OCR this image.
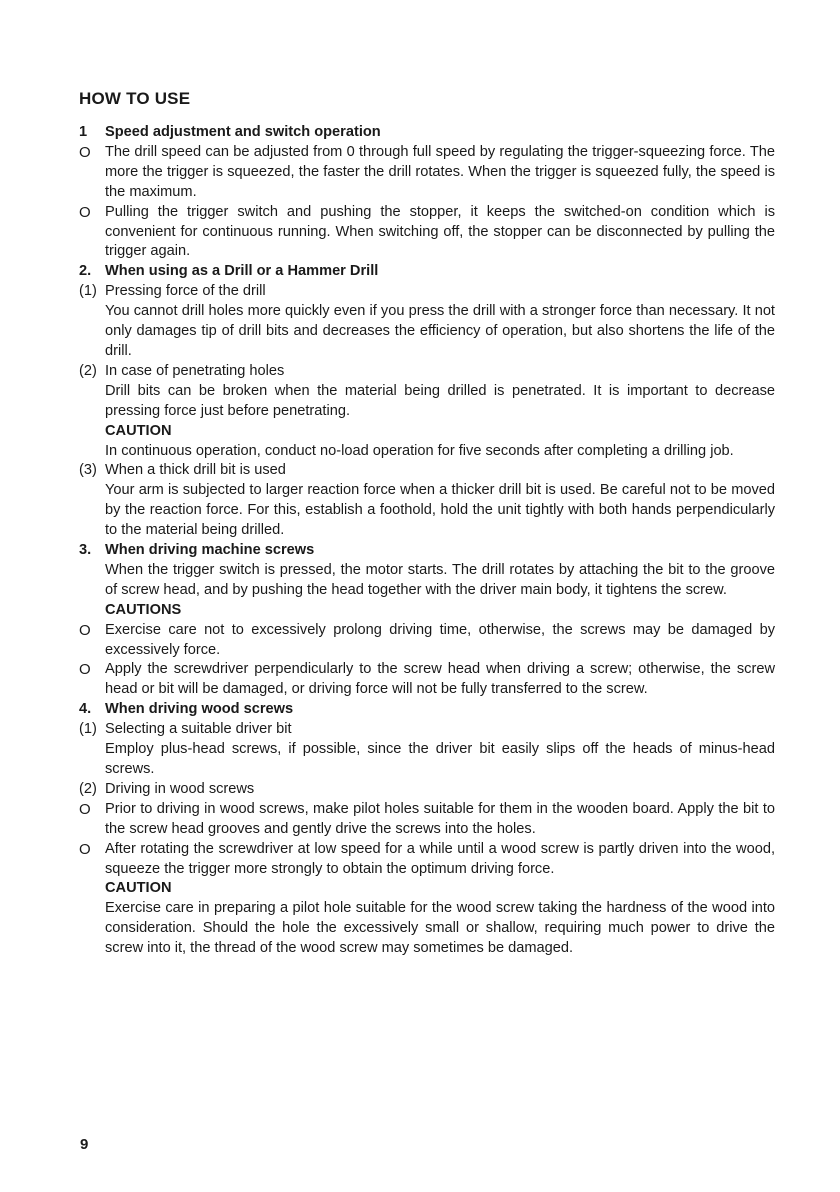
HOW TO USE
1	Speed adjustment and switch operation
O The drill speed can be adjusted from 0 through full speed by regulating the trigger-squeezing force. The more the trigger is squeezed, the faster the drill rotates. When the trigger is squeezed fully, the speed is the maximum.
O Pulling the trigger switch and pushing the stopper, it keeps the switched-on condition which is convenient for continuous running. When switching off, the stopper can be disconnected by pulling the trigger again.
2. When using as a Drill or a Hammer Drill
(1) Pressing force of the drill
You cannot drill holes more quickly even if you press the drill with a stronger force than necessary. It not only damages tip of drill bits and decreases the efficiency of operation, but also shortens the life of the drill.
(2) In case of penetrating holes
Drill bits can be broken when the material being drilled is penetrated. It is important to decrease pressing force just before penetrating.
CAUTION
In continuous operation, conduct no-load operation for five seconds after completing a drilling job.
(3) When a thick drill bit is used
Your arm is subjected to larger reaction force when a thicker drill bit is used. Be careful not to be moved by the reaction force. For this, establish a foothold, hold the unit tightly with both hands perpendicularly to the material being drilled.
3. When driving machine screws
When the trigger switch is pressed, the motor starts. The drill rotates by attaching the bit to the groove of screw head, and by pushing the head together with the driver main body, it tightens the screw.
CAUTIONS
O Exercise care not to excessively prolong driving time, otherwise, the screws may be damaged by excessively force.
O Apply the screwdriver perpendicularly to the screw head when driving a screw; otherwise, the screw head or bit will be damaged, or driving force will not be fully transferred to the screw.
4. When driving wood screws
(1) Selecting a suitable driver bit
Employ plus-head screws, if possible, since the driver bit easily slips off the heads of minus-head screws.
(2) Driving in wood screws
O Prior to driving in wood screws, make pilot holes suitable for them in the wooden board. Apply the bit to the screw head grooves and gently drive the screws into the holes.
O After rotating the screwdriver at low speed for a while until a wood screw is partly driven into the wood, squeeze the trigger more strongly to obtain the optimum driving force.
CAUTION
Exercise care in preparing a pilot hole suitable for the wood screw taking the hardness of the wood into consideration. Should the hole the excessively small or shallow, requiring much power to drive the screw into it, the thread of the wood screw may sometimes be damaged.
9
